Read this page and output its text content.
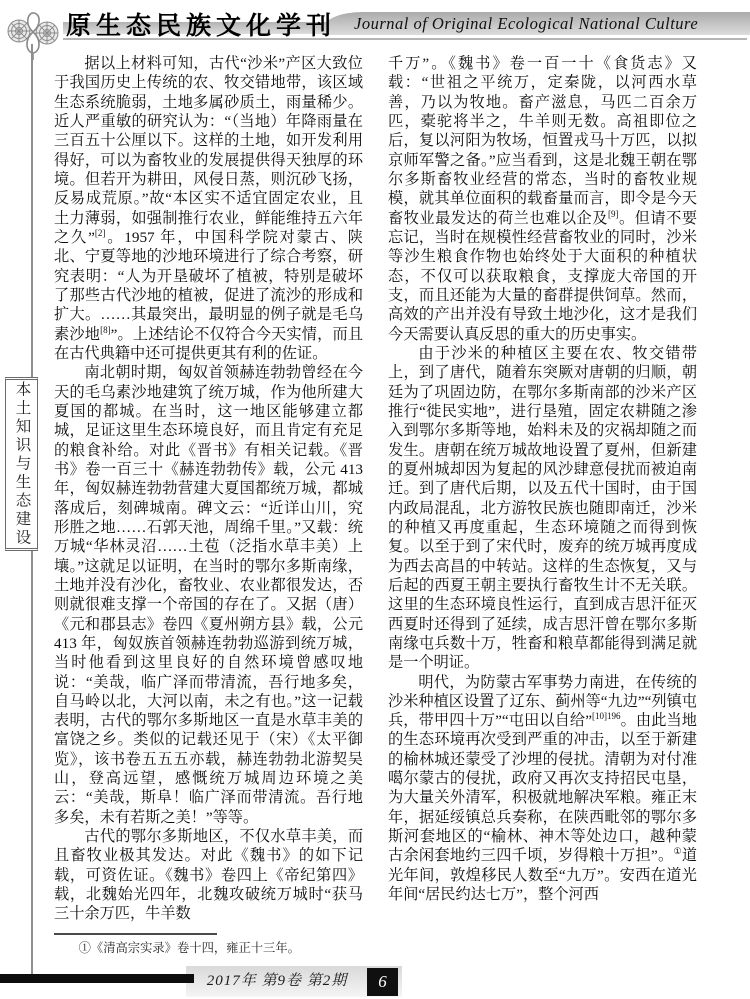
Journal of Original Ecological National Culture
原生态民族文化学刊
本土知识与生态建设

据以上材料可知，古代“沙米”产区大致位于我国历史上传统的农、牧交错地带，该区域生态系统脆弱，土地多属砂质土，雨量稀少。近人严重敏的研究认为：“（当地）年降雨量在三百五十公厘以下。这样的土地，如开发利用得好，可以为畜牧业的发展提供得天独厚的环境。但若开为耕田，风侵日蒸，则沉砂飞扬，反易成荒原。”故“本区实不适宜固定农业，且土力薄弱，如强制推行农业，鲜能维持五六年之久”[2]。1957 年，中国科学院对蒙古、陕北、宁夏等地的沙地环境进行了综合考察，研究表明：“人为开垦破坏了植被，特别是破坏了那些古代沙地的植被，促进了流沙的形成和扩大。……其最突出，最明显的例子就是毛乌素沙地[8]”。上述结论不仅符合今天实情，而且在古代典籍中还可提供更其有利的佐证。

南北朝时期，匈奴首领赫连勃勃曾经在今天的毛乌素沙地建筑了统万城，作为他所建大夏国的都城。在当时，这一地区能够建立都城，足证这里生态环境良好，而且肯定有充足的粮食补给。对此《晋书》有相关记载。《晋书》卷一百三十《赫连勃勃传》载，公元 413 年，匈奴赫连勃勃营建大夏国都统万城，都城落成后，刻碑城南。碑文云：“近详山川，究形胜之地……石郭天池，周绵千里。”又载：统万城“华林灵沼……土苞（泛指水草丰美）上壤。”这就足以证明，在当时的鄂尔多斯南缘，土地并没有沙化，畜牧业、农业都很发达，否则就很难支撑一个帝国的存在了。又据（唐）《元和郡县志》卷四《夏州朔方县》载，公元 413 年，匈奴族首领赫连勃勃巡游到统万城，当时他看到这里良好的自然环境曾感叹地说：“美哉，临广泽而带清流，吾行地多矣，自马岭以北，大河以南，未之有也。”这一记载表明，古代的鄂尔多斯地区一直是水草丰美的富饶之乡。类似的记载还见于（宋）《太平御览》，该书卷五五五亦载，赫连勃勃北游契吴山，登高远望，感慨统万城周边环境之美云：“美哉，斯阜！临广泽而带清流。吾行地多矣，未有若斯之美！”等等。

古代的鄂尔多斯地区，不仅水草丰美，而且畜牧业极其发达。对此《魏书》的如下记载，可资佐证。《魏书》卷四上《帝纪第四》载，北魏始光四年，北魏攻破统万城时“获马三十余万匹，牛羊数

千万”。《魏书》卷一百一十《食货志》又载：“世祖之平统万，定秦陇，以河西水草善，乃以为牧地。畜产滋息，马匹二百余万匹，橐驼将半之，牛羊则无数。高祖即位之后，复以河阳为牧场，恒置戎马十万匹，以拟京师军警之备。”应当看到，这是北魏王朝在鄂尔多斯畜牧业经营的常态，当时的畜牧业规模，就其单位面积的载畜量而言，即令是今天畜牧业最发达的荷兰也难以企及[9]。但请不要忘记，当时在规模性经营畜牧业的同时，沙米等沙生粮食作物也始终处于大面积的种植状态，不仅可以获取粮食，支撑庞大帝国的开支，而且还能为大量的畜群提供饲草。然而，高效的产出并没有导致土地沙化，这才是我们今天需要认真反思的重大的历史事实。

由于沙米的种植区主要在农、牧交错带上，到了唐代，随着东突厥对唐朝的归顺，朝廷为了巩固边防，在鄂尔多斯南部的沙米产区推行“徙民实地”，进行垦殖，固定农耕随之渗入到鄂尔多斯等地，始料未及的灾祸却随之而发生。唐朝在统万城故地设置了夏州，但新建的夏州城却因为复起的风沙肆意侵扰而被迫南迁。到了唐代后期，以及五代十国时，由于国内政局混乱，北方游牧民族也随即南迁，沙米的种植又再度重起，生态环境随之而得到恢复。以至于到了宋代时，废弃的统万城再度成为西去高昌的中转站。这样的生态恢复，又与后起的西夏王朝主要执行畜牧生计不无关联。这里的生态环境良性运行，直到成吉思汗征灭西夏时还得到了延续，成吉思汗曾在鄂尔多斯南缘屯兵数十万，牲畜和粮草都能得到满足就是一个明证。

明代，为防蒙古军事势力南进，在传统的沙米种植区设置了辽东、蓟州等“九边”“列镇屯兵，带甲四十万”“屯田以自给”$^{[10]196}$。由此当地的生态环境再次受到严重的冲击，以至于新建的榆林城还蒙受了沙埋的侵扰。清朝为对付准噶尔蒙古的侵扰，政府又再次支持招民屯垦，为大量关外清军，积极就地解决军粮。雍正末年，据延绥镇总兵奏称，在陕西毗邻的鄂尔多斯河套地区的“榆林、神木等处边口，越种蒙古余闲套地约三四千顷，岁得粮十万担”。①道光年间，敦煌移民人数至“九万”。安西在道光年间“居民约达七万”，整个河西

①《清高宗实录》卷十四，雍正十三年。

2017年 第9卷 第2期	6
